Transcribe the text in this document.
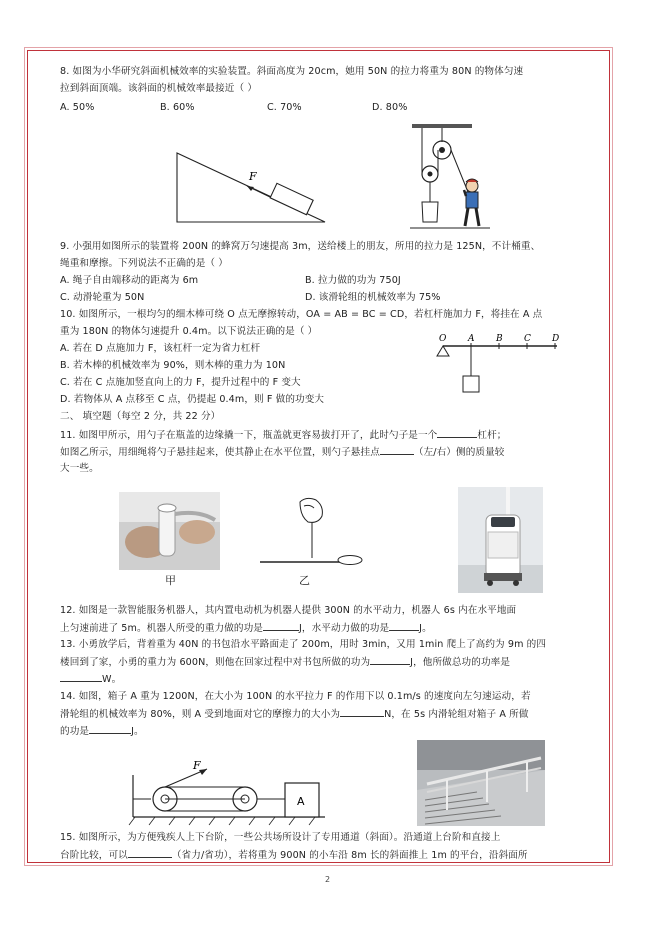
8. 如图为小华研究斜面机械效率的实验装置。斜面高度为 20cm，她用 50N 的拉力将重为 80N 的物体匀速
拉到斜面顶端。该斜面的机械效率最接近（ ）
A. 50%	B. 60%	C. 70%	D. 80%
F
9. 小强用如图所示的装置将 200N 的蜂窝万匀速提高 3m，送给楼上的朋友，所用的拉力是 125N，不计桶重、
绳重和摩擦。下列说法不正确的是（ ）
A. 绳子自由端移动的距离为 6m	B. 拉力做的功为 750J
C. 动滑轮重为 50N	D. 该滑轮组的机械效率为 75%
10. 如图所示，一根均匀的细木棒可绕 O 点无摩擦转动，OA = AB = BC = CD，若杠杆施加力 F，将挂在 A 点
重为 180N 的物体匀速提升 0.4m。以下说法正确的是（ ）
A. 若在 D 点施加力 F，该杠杆一定为省力杠杆
B. 若木棒的机械效率为 90%，则木棒的重力为 10N
C. 若在 C 点施加竖直向上的力 F，提升过程中的 F 变大
D. 若物体从 A 点移至 C 点，仍提起 0.4m，则 F 做的功变大
O A B C D
二、 填空题（每空 2 分，共 22 分）
11. 如图甲所示，用勺子在瓶盖的边缘撬一下，瓶盖就更容易拔打开了，此时勺子是一个	杠杆；
如图乙所示，用细绳将勺子悬挂起来，使其静止在水平位置，则勺子悬挂点	（左/右）侧的质量较
大一些。
甲	乙
12. 如图是一款智能服务机器人，其内置电动机为机器人提供 300N 的水平动力，机器人 6s 内在水平地面
上匀速前进了 5m。机器人所受的重力做的功是	J，水平动力做的功是	J。
13. 小勇放学后，背着重为 40N 的书包沿水平路面走了 200m，用时 3min，又用 1min 爬上了高约为 9m 的四
楼回到了家，小勇的重力为 600N，则他在回家过程中对书包所做的功为	J，他所做总功的功率是
W。
14. 如图，箱子 A 重为 1200N，在大小为 100N 的水平拉力 F 的作用下以 0.1m/s 的速度向左匀速运动，若
滑轮组的机械效率为 80%，则 A 受到地面对它的摩擦力的大小为	N，在 5s 内滑轮组对箱子 A 所做
的功是	J。
F
A
15. 如图所示，为方便残疾人上下台阶，一些公共场所设计了专用通道（斜面）。沿通道上台阶和直接上
台阶比较，可以	（省力/省功），若将重为 900N 的小车沿 8m 长的斜面推上 1m 的平台，沿斜面所
2
